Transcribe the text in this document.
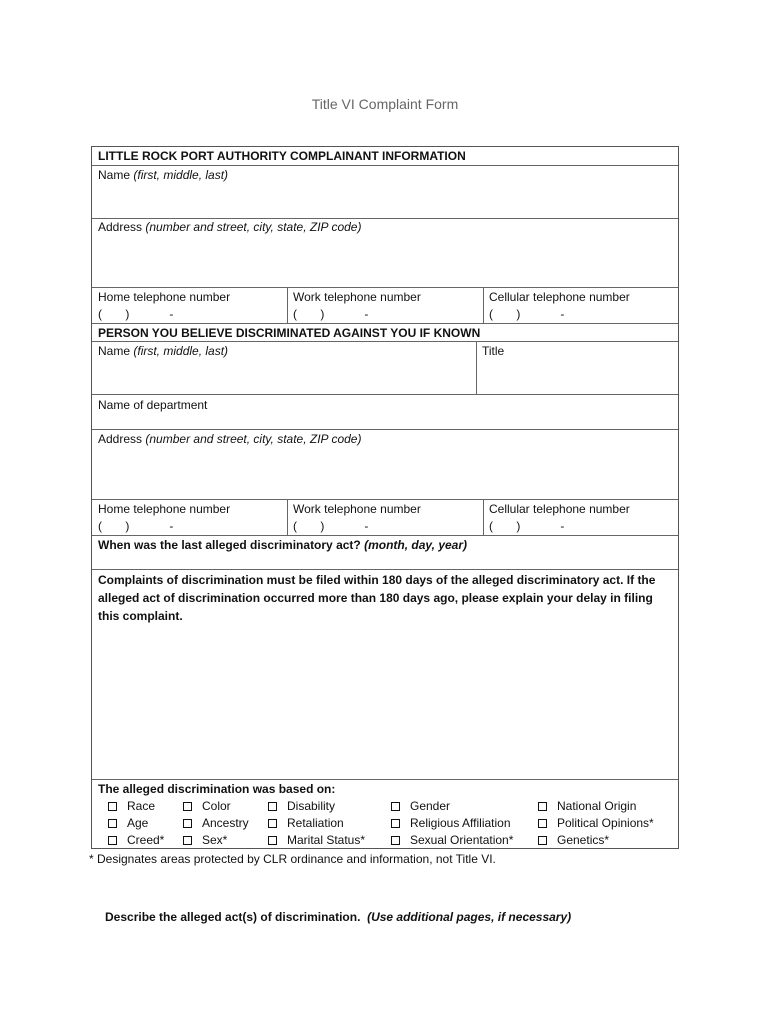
Title VI Complaint Form
LITTLE ROCK PORT AUTHORITY COMPLAINANT INFORMATION
Name (first, middle, last)
Address (number and street, city, state, ZIP code)
Home telephone number
(       )            -
Work telephone number
(       )            -
Cellular telephone number
(       )            -
PERSON YOU BELIEVE DISCRIMINATED AGAINST YOU IF KNOWN
Name (first, middle, last)	Title
Name of department
Address (number and street, city, state, ZIP code)
Home telephone number
(       )            -
Work telephone number
(       )            -
Cellular telephone number
(       )            -
When was the last alleged discriminatory act? (month, day, year)
Complaints of discrimination must be filed within 180 days of the alleged discriminatory act. If the alleged act of discrimination occurred more than 180 days ago, please explain your delay in filing this complaint.
The alleged discrimination was based on:
Race
Age
Creed*
Color
Ancestry
Sex*
Disability
Retaliation
Marital Status*
Gender
Religious Affiliation
Sexual Orientation*
National Origin
Political Opinions*
Genetics*
* Designates areas protected by CLR ordinance and information, not Title VI.
Describe the alleged act(s) of discrimination. (Use additional pages, if necessary)
